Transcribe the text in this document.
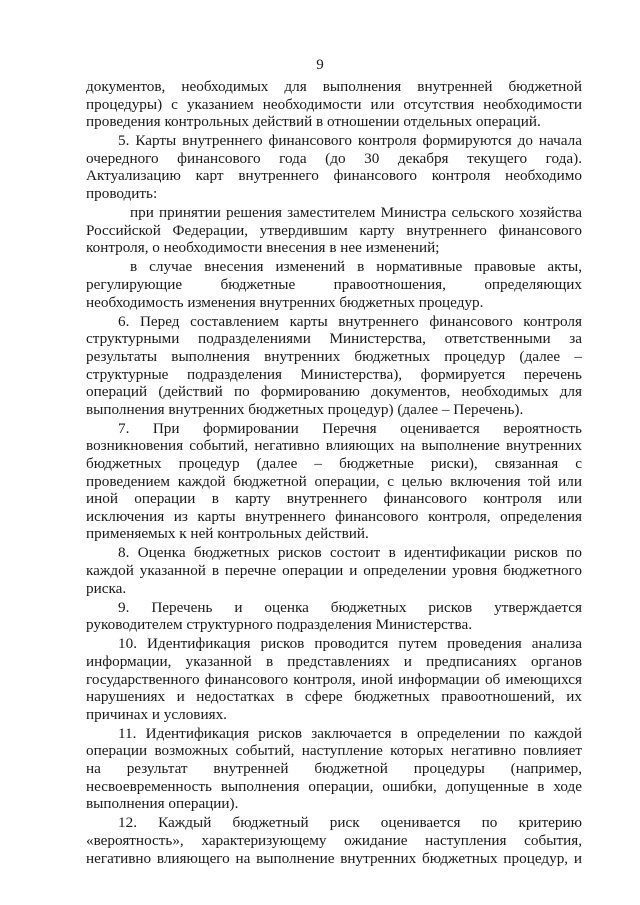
9
документов, необходимых для выполнения внутренней бюджетной
процедуры) с указанием необходимости или отсутствия необходимости
проведения контрольных действий в отношении отдельных операций.
5. Карты внутреннего финансового контроля формируются до начала
очередного финансового года (до 30 декабря текущего года).
Актуализацию карт внутреннего финансового контроля необходимо
проводить:
при принятии решения заместителем Министра сельского хозяйства
Российской Федерации, утвердившим карту внутреннего финансового
контроля, о необходимости внесения в нее изменений;
в случае внесения изменений в нормативные правовые акты,
регулирующие бюджетные правоотношения, определяющих
необходимость изменения внутренних бюджетных процедур.
6. Перед составлением карты внутреннего финансового контроля
структурными подразделениями Министерства, ответственными за
результаты выполнения внутренних бюджетных процедур (далее –
структурные подразделения Министерства), формируется перечень
операций (действий по формированию документов, необходимых для
выполнения внутренних бюджетных процедур) (далее – Перечень).
7. При формировании Перечня оценивается вероятность
возникновения событий, негативно влияющих на выполнение внутренних
бюджетных процедур (далее – бюджетные риски), связанная с
проведением каждой бюджетной операции, с целью включения той или
иной операции в карту внутреннего финансового контроля или
исключения из карты внутреннего финансового контроля, определения
применяемых к ней контрольных действий.
8. Оценка бюджетных рисков состоит в идентификации рисков по
каждой указанной в перечне операции и определении уровня бюджетного
риска.
9. Перечень и оценка бюджетных рисков утверждается
руководителем структурного подразделения Министерства.
10. Идентификация рисков проводится путем проведения анализа
информации, указанной в представлениях и предписаниях органов
государственного финансового контроля, иной информации об имеющихся
нарушениях и недостатках в сфере бюджетных правоотношений, их
причинах и условиях.
11. Идентификация рисков заключается в определении по каждой
операции возможных событий, наступление которых негативно повлияет
на результат внутренней бюджетной процедуры (например,
несвоевременность выполнения операции, ошибки, допущенные в ходе
выполнения операции).
12. Каждый бюджетный риск оценивается по критерию
«вероятность», характеризующему ожидание наступления события,
негативно влияющего на выполнение внутренних бюджетных процедур, и
